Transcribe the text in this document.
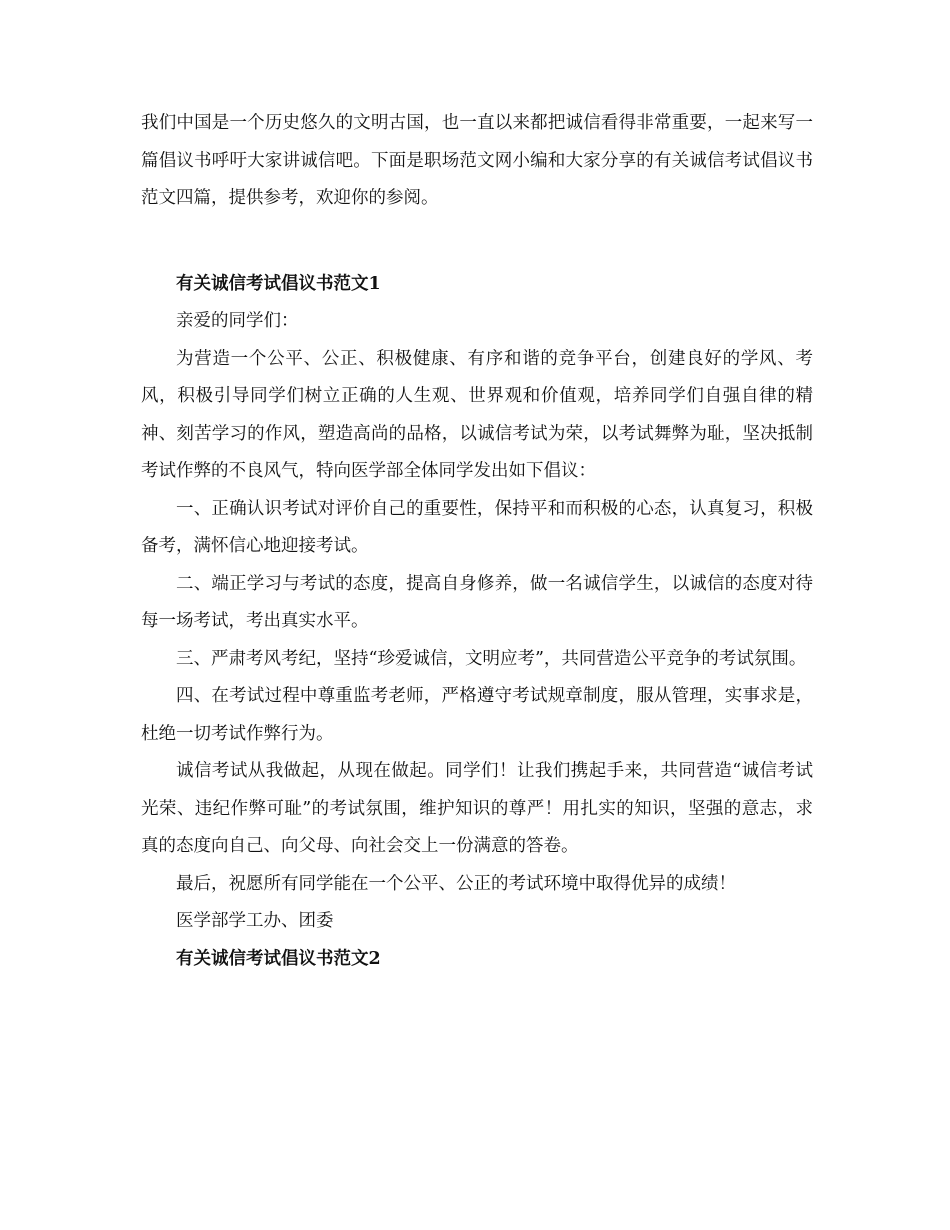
我们中国是一个历史悠久的文明古国，也一直以来都把诚信看得非常重要，一起来写一篇倡议书呼吁大家讲诚信吧。下面是职场范文网小编和大家分享的有关诚信考试倡议书范文四篇，提供参考，欢迎你的参阅。

有关诚信考试倡议书范文1

亲爱的同学们：

为营造一个公平、公正、积极健康、有序和谐的竞争平台，创建良好的学风、考风，积极引导同学们树立正确的人生观、世界观和价值观，培养同学们自强自律的精神、刻苦学习的作风，塑造高尚的品格，以诚信考试为荣，以考试舞弊为耻，坚决抵制考试作弊的不良风气，特向医学部全体同学发出如下倡议：

一、正确认识考试对评价自己的重要性，保持平和而积极的心态，认真复习，积极备考，满怀信心地迎接考试。

二、端正学习与考试的态度，提高自身修养，做一名诚信学生，以诚信的态度对待每一场考试，考出真实水平。

三、严肃考风考纪，坚持“珍爱诚信，文明应考”，共同营造公平竞争的考试氛围。

四、在考试过程中尊重监考老师，严格遵守考试规章制度，服从管理，实事求是，杜绝一切考试作弊行为。

诚信考试从我做起，从现在做起。同学们！让我们携起手来，共同营造“诚信考试光荣、违纪作弊可耻”的考试氛围，维护知识的尊严！用扎实的知识，坚强的意志，求真的态度向自己、向父母、向社会交上一份满意的答卷。

最后，祝愿所有同学能在一个公平、公正的考试环境中取得优异的成绩！

医学部学工办、团委

有关诚信考试倡议书范文2
